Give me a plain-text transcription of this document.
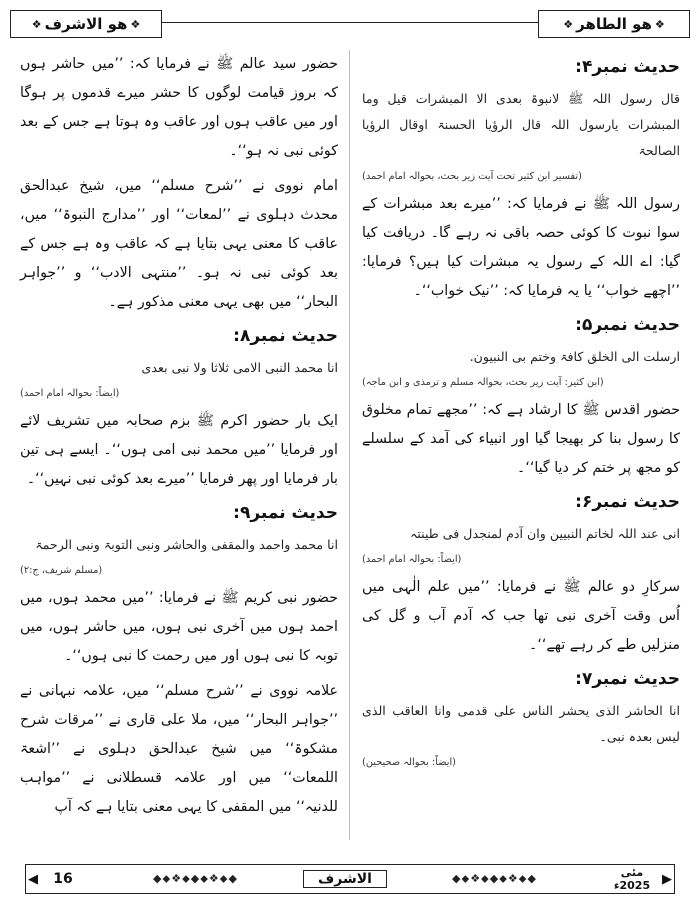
❖
هو الاشرف
❖	❖
هو الطاهر
❖
حدیث نمبر۴:

قال رسول اللہ ﷺ لانبوۃ بعدی الا المبشرات قیل وما المبشرات یارسول اللہ قال الرؤیا الحسنۃ اوقال الرؤیا الصالحۃ

(تفسیر ابن کثیر تحت آیت زیر بحث، بحوالہ امام احمد)

رسول اللہ ﷺ نے فرمایا کہ: ’’میرے بعد مبشرات کے سوا نبوت کا کوئی حصہ باقی نہ رہے گا۔ دریافت کیا گیا: اے اللہ کے رسول یہ مبشرات کیا ہیں؟ فرمایا: ’’اچھے خواب‘‘ یا یہ فرمایا کہ: ’’نیک خواب‘‘۔

حدیث نمبر۵:

ارسلت الی الخلق کافۃ وختم بی النبیون.

(ابن کثیر: آیت زیر بحث، بحوالہ مسلم و ترمذی و ابن ماجہ)

حضور اقدس ﷺ کا ارشاد ہے کہ: ’’مجھے تمام مخلوق کا رسول بنا کر بھیجا گیا اور انبیاء کی آمد کے سلسلے کو مجھ پر ختم کر دیا گیا‘‘۔

حدیث نمبر۶:

انی عند اللہ لخاتم النبیین وان آدم لمنجدل فی طینتہ

(ایضاً: بحوالہ امام احمد)

سرکارِ دو عالم ﷺ نے فرمایا: ’’میں علم الٰہی میں اُس وقت آخری نبی تھا جب کہ آدم آب و گل کی منزلیں طے کر رہے تھے‘‘۔

حدیث نمبر۷:

انا الحاشر الذی یحشر الناس علی قدمی وانا العاقب الذی لیس بعدہ نبی۔

(ایضاً: بحوالہ صحیحین)

حضور سید عالم ﷺ نے فرمایا کہ: ’’میں حاشر ہوں کہ بروز قیامت لوگوں کا حشر میرے قدموں پر ہوگا اور میں عاقب ہوں اور عاقب وہ ہوتا ہے جس کے بعد کوئی نبی نہ ہو‘‘۔

امام نووی نے ’’شرح مسلم‘‘ میں، شیخ عبدالحق محدث دہلوی نے ’’لمعات‘‘ اور ’’مدارج النبوۃ‘‘ میں، عاقب کا معنی یہی بتایا ہے کہ عاقب وہ ہے جس کے بعد کوئی نبی نہ ہو۔ ’’منتہی الادب‘‘ و ’’جواہر البحار‘‘ میں بھی یہی معنی مذکور ہے۔

حدیث نمبر۸:

انا محمد النبی الامی ثلاثا ولا نبی بعدی

(ایضاً: بحوالہ امام احمد)

ایک بار حضور اکرم ﷺ بزم صحابہ میں تشریف لائے اور فرمایا ’’میں محمد نبی امی ہوں‘‘۔ ایسے ہی تین بار فرمایا اور پھر فرمایا ’’میرے بعد کوئی نبی نہیں‘‘۔

حدیث نمبر۹:

انا محمد واحمد والمقفی والحاشر ونبی التوبۃ ونبی الرحمۃ

(مسلم شریف، ج:۲)

حضور نبی کریم ﷺ نے فرمایا: ’’میں محمد ہوں، میں احمد ہوں میں آخری نبی ہوں، میں حاشر ہوں، میں توبہ کا نبی ہوں اور میں رحمت کا نبی ہوں‘‘۔

علامہ نووی نے ’’شرح مسلم‘‘ میں، علامہ نبہانی نے ’’جواہر البحار‘‘ میں، ملا علی قاری نے ’’مرقات شرح مشکوۃ‘‘ میں شیخ عبدالحق دہلوی نے ’’اشعۃ اللمعات‘‘ میں اور علامہ قسطلانی نے ’’مواہب للدنیہ‘‘ میں المقفی کا یہی معنی بتایا ہے کہ آپ

◀	16	◆⬥❖⬥◆⬥❖⬥◆	الاشرف	◆⬥❖⬥◆⬥❖⬥◆	مئی 2025ء ▶
